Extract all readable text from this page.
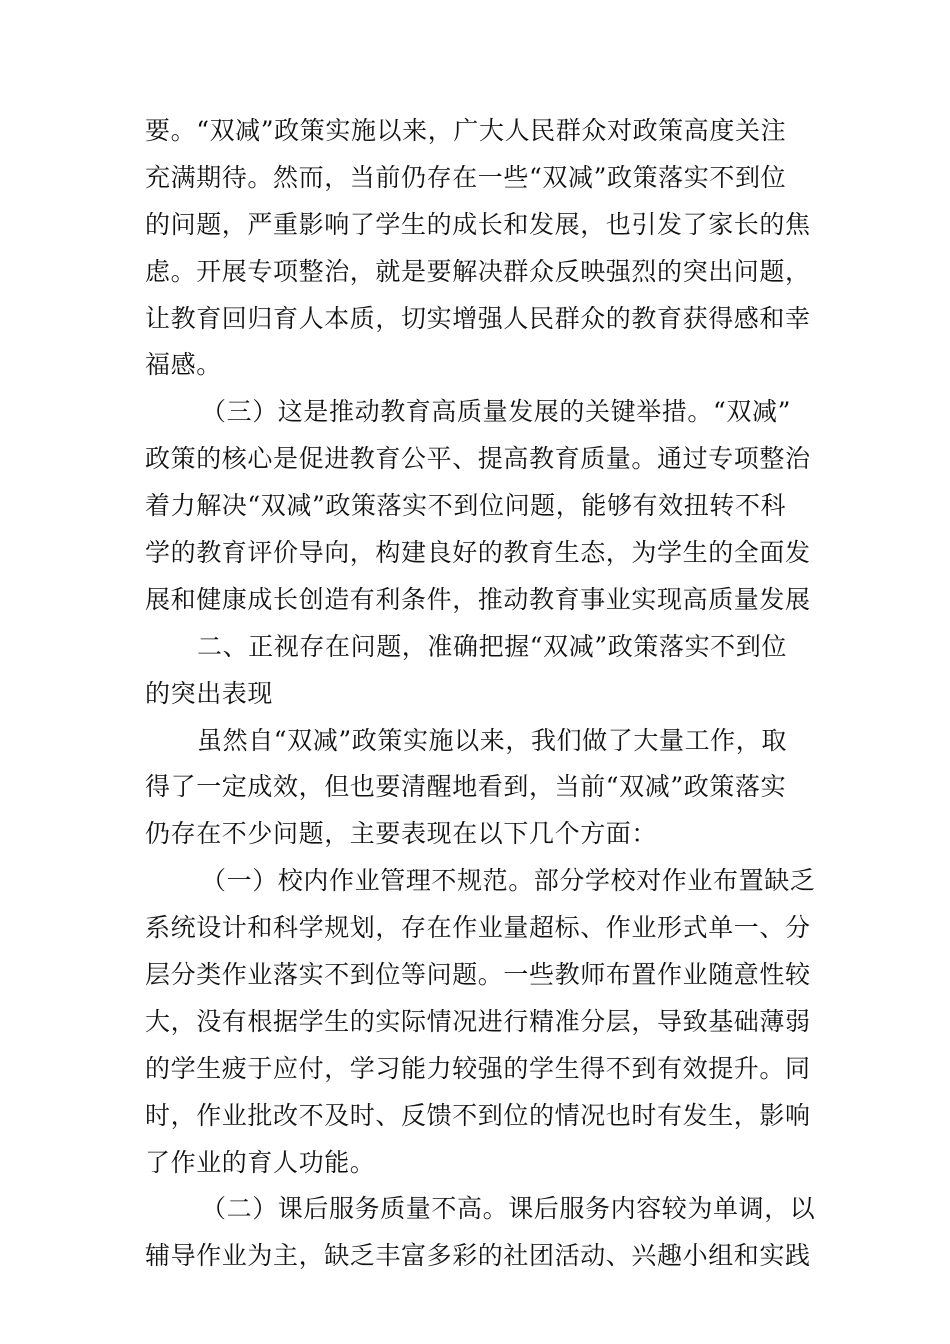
要。“双减”政策实施以来，广大人民群众对政策高度关注
充满期待。然而，当前仍存在一些“双减”政策落实不到位
的问题，严重影响了学生的成长和发展，也引发了家长的焦
虑。开展专项整治，就是要解决群众反映强烈的突出问题，
让教育回归育人本质，切实增强人民群众的教育获得感和幸
福感。
（三）这是推动教育高质量发展的关键举措。“双减”
政策的核心是促进教育公平、提高教育质量。通过专项整治
着力解决“双减”政策落实不到位问题，能够有效扭转不科
学的教育评价导向，构建良好的教育生态，为学生的全面发
展和健康成长创造有利条件，推动教育事业实现高质量发展
二、正视存在问题，准确把握“双减”政策落实不到位
的突出表现
虽然自“双减”政策实施以来，我们做了大量工作，取
得了一定成效，但也要清醒地看到，当前“双减”政策落实
仍存在不少问题，主要表现在以下几个方面：
（一）校内作业管理不规范。部分学校对作业布置缺乏
系统设计和科学规划，存在作业量超标、作业形式单一、分
层分类作业落实不到位等问题。一些教师布置作业随意性较
大，没有根据学生的实际情况进行精准分层，导致基础薄弱
的学生疲于应付，学习能力较强的学生得不到有效提升。同
时，作业批改不及时、反馈不到位的情况也时有发生，影响
了作业的育人功能。
（二）课后服务质量不高。课后服务内容较为单调，以
辅导作业为主，缺乏丰富多彩的社团活动、兴趣小组和实践
